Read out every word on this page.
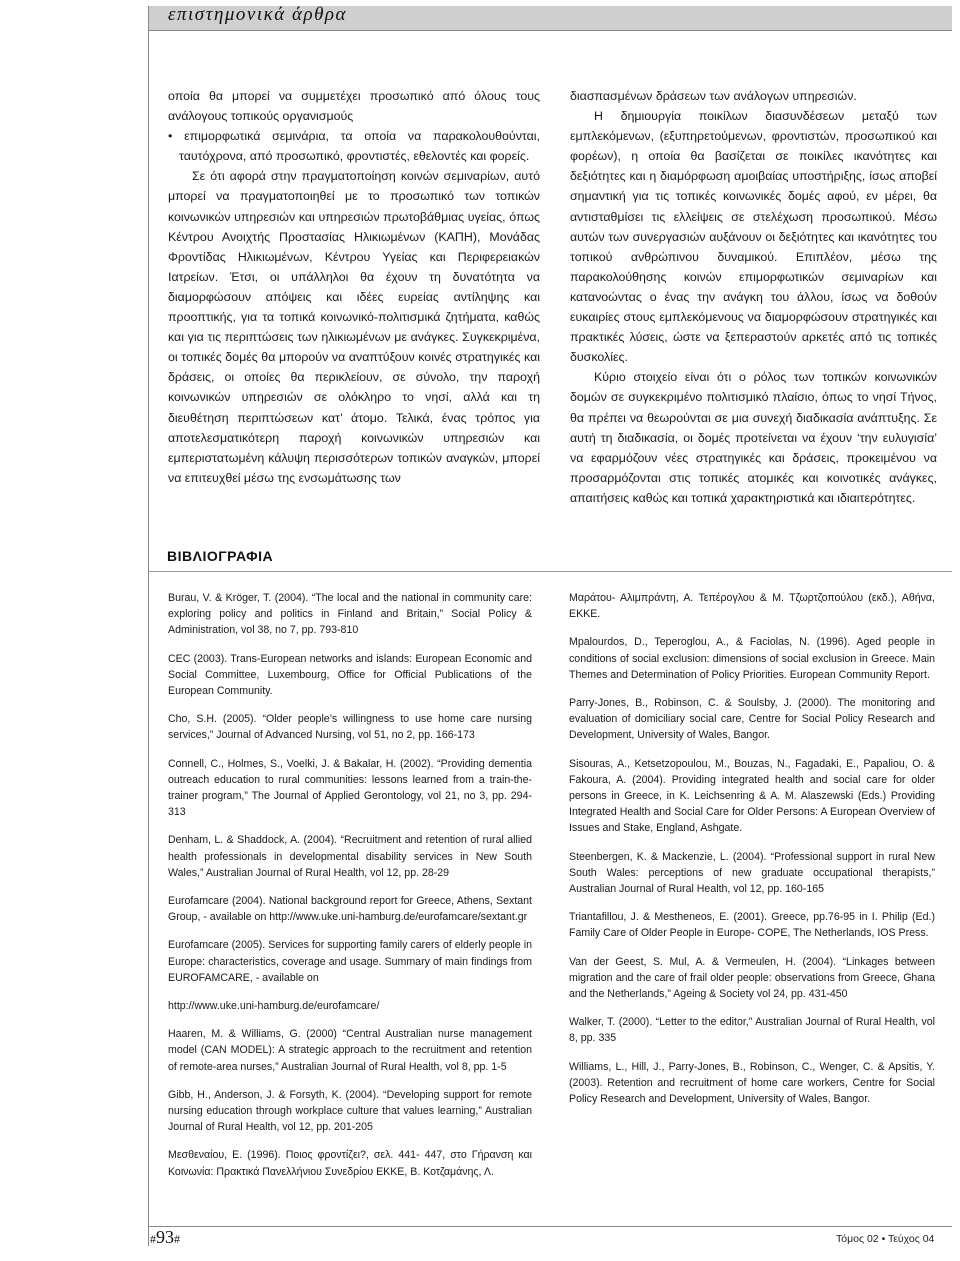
επιστημονικά άρθρα

οποία θα μπορεί να συμμετέχει προσωπικό από όλους τους ανάλογους τοπικούς οργανισμούς

• επιμορφωτικά σεμινάρια, τα οποία να παρακολουθούνται, ταυτόχρονα, από προσωπικό, φροντιστές, εθελοντές και φορείς.

Σε ότι αφορά στην πραγματοποίηση κοινών σεμιναρίων, αυτό μπορεί να πραγματοποιηθεί με το προσωπικό των τοπικών κοινωνικών υπηρεσιών και υπηρεσιών πρωτοβάθμιας υγείας, όπως Κέντρου Ανοιχτής Προστασίας Ηλικιωμένων (ΚΑΠΗ), Μονάδας Φροντίδας Ηλικιωμένων, Κέντρου Υγείας και Περιφερειακών Ιατρείων. Έτσι, οι υπάλληλοι θα έχουν τη δυνατότητα να διαμορφώσουν απόψεις και ιδέες ευρείας αντίληψης και προοπτικής, για τα τοπικά κοινωνικό-πολιτισμικά ζητήματα, καθώς και για τις περιπτώσεις των ηλικιωμένων με ανάγκες. Συγκεκριμένα, οι τοπικές δομές θα μπορούν να αναπτύξουν κοινές στρατηγικές και δράσεις, οι οποίες θα περικλείουν, σε σύνολο, την παροχή κοινωνικών υπηρεσιών σε ολόκληρο το νησί, αλλά και τη διευθέτηση περιπτώσεων κατ’ άτομο. Τελικά, ένας τρόπος για αποτελεσματικότερη παροχή κοινωνικών υπηρεσιών και εμπεριστατωμένη κάλυψη περισσότερων τοπικών αναγκών, μπορεί να επιτευχθεί μέσω της ενσωμάτωσης των

διασπασμένων δράσεων των ανάλογων υπηρεσιών.

Η δημιουργία ποικίλων διασυνδέσεων μεταξύ των εμπλεκόμενων, (εξυπηρετούμενων, φροντιστών, προσωπικού και φορέων), η οποία θα βασίζεται σε ποικίλες ικανότητες και δεξιότητες και η διαμόρφωση αμοιβαίας υποστήριξης, ίσως αποβεί σημαντική για τις τοπικές κοινωνικές δομές αφού, εν μέρει, θα αντισταθμίσει τις ελλείψεις σε στελέχωση προσωπικού. Μέσω αυτών των συνεργασιών αυξάνουν οι δεξιότητες και ικανότητες του τοπικού ανθρώπινου δυναμικού. Επιπλέον, μέσω της παρακολούθησης κοινών επιμορφωτικών σεμιναρίων και κατανοώντας ο ένας την ανάγκη του άλλου, ίσως να δοθούν ευκαιρίες στους εμπλεκόμενους να διαμορφώσουν στρατηγικές και πρακτικές λύσεις, ώστε να ξεπεραστούν αρκετές από τις τοπικές δυσκολίες.

Κύριο στοιχείο είναι ότι ο ρόλος των τοπικών κοινωνικών δομών σε συγκεκριμένο πολιτισμικό πλαίσιο, όπως το νησί Τήνος, θα πρέπει να θεωρούνται σε μια συνεχή διαδικασία ανάπτυξης. Σε αυτή τη διαδικασία, οι δομές προτείνεται να έχουν ‘την ευλυγισία’ να εφαρμόζουν νέες στρατηγικές και δράσεις, προκειμένου να προσαρμόζονται στις τοπικές ατομικές και κοινοτικές ανάγκες, απαιτήσεις καθώς και τοπικά χαρακτηριστικά και ιδιαιτερότητες.

ΒΙΒΛΙΟΓΡΑΦΙΑ

Burau, V. & Kröger, T. (2004). “The local and the national in community care: exploring policy and politics in Finland and Britain,” Social Policy & Administration, vol 38, no 7, pp. 793-810

CEC (2003). Trans-European networks and islands: European Economic and Social Committee, Luxembourg, Office for Official Publications of the European Community.

Cho, S.H. (2005). “Older people’s willingness to use home care nursing services,” Journal of Advanced Nursing, vol 51, no 2, pp. 166-173

Connell, C., Holmes, S., Voelki, J. & Bakalar, H. (2002). “Providing dementia outreach education to rural communities: lessons learned from a train-the-trainer program,” The Journal of Applied Gerontology, vol 21, no 3, pp. 294-313

Denham, L. & Shaddock, A. (2004). “Recruitment and retention of rural allied health professionals in developmental disability services in New South Wales,” Australian Journal of Rural Health, vol 12, pp. 28-29

Eurofamcare (2004). National background report for Greece, Athens, Sextant Group, - available on http://www.uke.uni-hamburg.de/eurofamcare/sextant.gr

Eurofamcare (2005). Services for supporting family carers of elderly people in Europe: characteristics, coverage and usage. Summary of main findings from EUROFAMCARE, - available on

http://www.uke.uni-hamburg.de/eurofamcare/

Haaren, M. & Williams, G. (2000) “Central Australian nurse management model (CAN MODEL): A strategic approach to the recruitment and retention of remote-area nurses,” Australian Journal of Rural Health, vol 8, pp. 1-5

Gibb, H., Anderson, J. & Forsyth, K. (2004). “Developing support for remote nursing education through workplace culture that values learning,” Australian Journal of Rural Health, vol 12, pp. 201-205

Μεσθεναίου, Ε. (1996). Ποιος φροντίζει?, σελ. 441- 447, στο Γήρανση και Κοινωνία: Πρακτικά Πανελλήνιου Συνεδρίου ΕΚΚΕ, Β. Κοτζαμάνης, Λ.

Μαράτου- Αλιμπράντη, Α. Τεπέρογλου & Μ. Τζωρτζοπούλου (εκδ.), Αθήνα, ΕΚΚΕ.

Mpalourdos, D., Teperoglou, A., & Faciolas, N. (1996). Aged people in conditions of social exclusion: dimensions of social exclusion in Greece. Main Themes and Determination of Policy Priorities. European Community Report.

Parry-Jones, B., Robinson, C. & Soulsby, J. (2000). The monitoring and evaluation of domiciliary social care, Centre for Social Policy Research and Development, University of Wales, Bangor.

Sisouras, A., Ketsetzopoulou, M., Bouzas, N., Fagadaki, E., Papaliou, O. & Fakoura, A. (2004). Providing integrated health and social care for older persons in Greece, in K. Leichsenring & A. M. Alaszewski (Eds.) Providing Integrated Health and Social Care for Older Persons: A European Overview of Issues and Stake, England, Ashgate.

Steenbergen, K. & Mackenzie, L. (2004). “Professional support in rural New South Wales: perceptions of new graduate occupational therapists,” Australian Journal of Rural Health, vol 12, pp. 160-165

Triantafillou, J. & Mestheneos, E. (2001). Greece, pp.76-95 in I. Philip (Ed.) Family Care of Older People in Europe- COPE, The Netherlands, IOS Press.

Van der Geest, S. Mul, A. & Vermeulen, H. (2004). “Linkages between migration and the care of frail older people: observations from Greece, Ghana and the Netherlands,” Ageing & Society vol 24, pp. 431-450

Walker, T. (2000). “Letter to the editor,” Australian Journal of Rural Health, vol 8, pp. 335

Williams, L., Hill, J., Parry-Jones, B., Robinson, C., Wenger, C. & Apsitis, Y. (2003). Retention and recruitment of home care workers, Centre for Social Policy Research and Development, University of Wales, Bangor.

#93#	Τόμος 02 • Τεύχος 04
